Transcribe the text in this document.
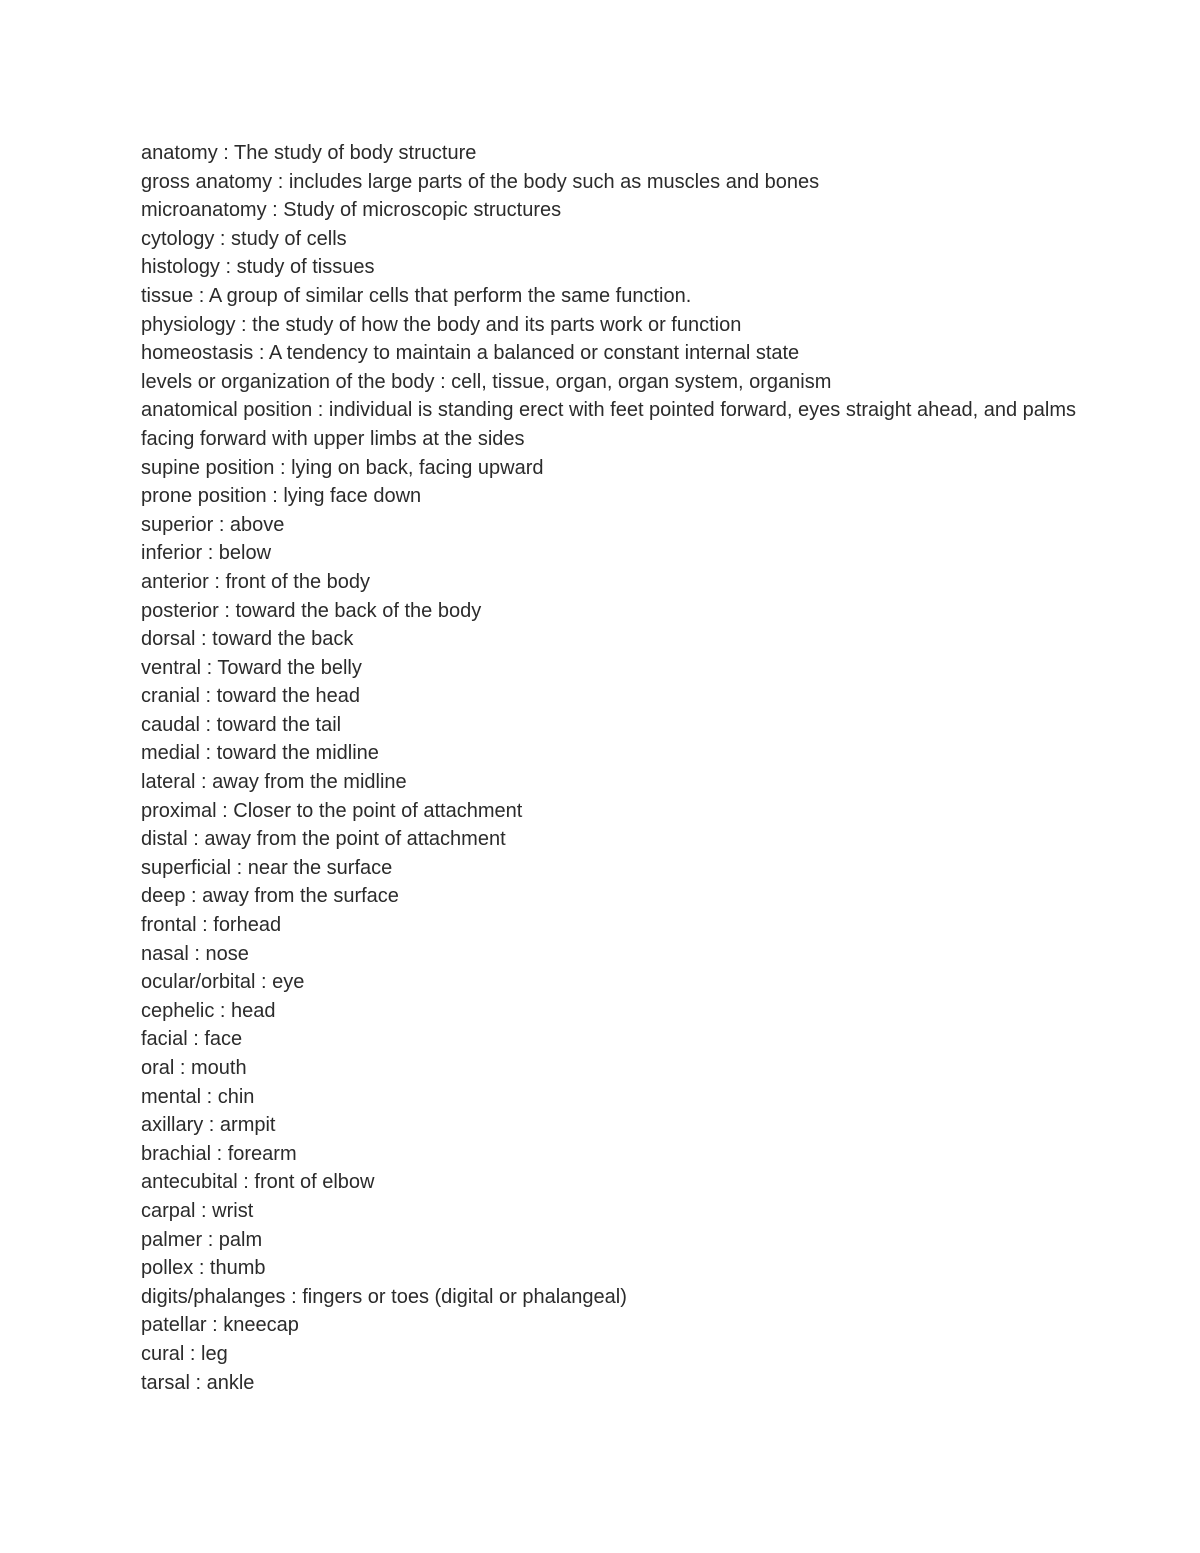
anatomy : The study of body structure
gross anatomy : includes large parts of the body such as muscles and bones
microanatomy : Study of microscopic structures
cytology : study of cells
histology : study of tissues
tissue : A group of similar cells that perform the same function.
physiology : the study of how the body and its parts work or function
homeostasis : A tendency to maintain a balanced or constant internal state
levels or organization of the body : cell, tissue, organ, organ system, organism
anatomical position : individual is standing erect with feet pointed forward, eyes straight ahead, and palms facing forward with upper limbs at the sides
supine position : lying on back, facing upward
prone position : lying face down
superior : above
inferior : below
anterior : front of the body
posterior : toward the back of the body
dorsal : toward the back
ventral : Toward the belly
cranial : toward the head
caudal : toward the tail
medial : toward the midline
lateral : away from the midline
proximal : Closer to the point of attachment
distal : away from the point of attachment
superficial : near the surface
deep : away from the surface
frontal : forhead
nasal : nose
ocular/orbital : eye
cephelic : head
facial : face
oral : mouth
mental : chin
axillary : armpit
brachial : forearm
antecubital : front of elbow
carpal : wrist
palmer : palm
pollex : thumb
digits/phalanges : fingers or toes (digital or phalangeal)
patellar : kneecap
cural : leg
tarsal : ankle
